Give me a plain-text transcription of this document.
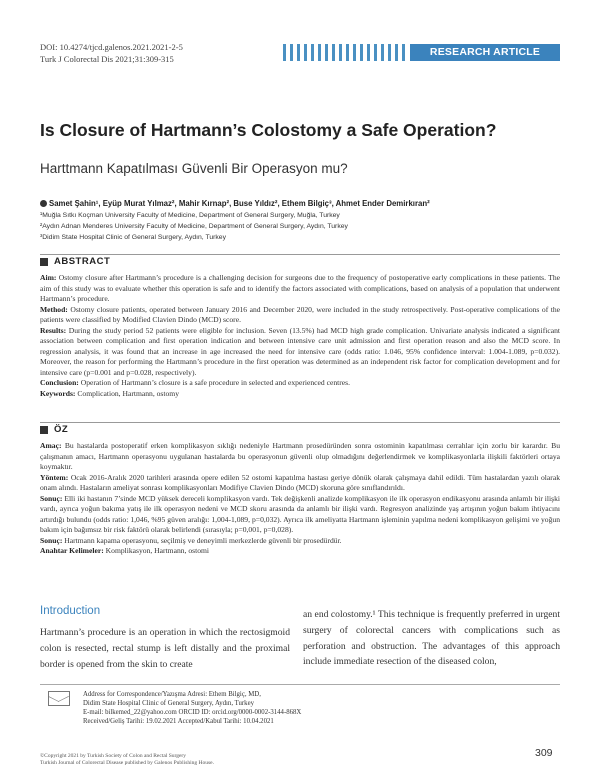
DOI: 10.4274/tjcd.galenos.2021.2021-2-5
Turk J Colorectal Dis 2021;31:309-315
RESEARCH ARTICLE
Is Closure of Hartmann’s Colostomy a Safe Operation?
Harttmann Kapatılması Güvenli Bir Operasyon mu?
Samet Şahin¹, Eyüp Murat Yılmaz², Mahir Kırnap², Buse Yıldız², Ethem Bilgiç³, Ahmet Ender Demirkıran²
¹Muğla Sıtkı Koçman University Faculty of Medicine, Department of General Surgery, Muğla, Turkey
²Aydın Adnan Menderes University Faculty of Medicine, Department of General Surgery, Aydın, Turkey
³Didim State Hospital Clinic of General Surgery, Aydın, Turkey
ABSTRACT
Aim: Ostomy closure after Hartmann’s procedure is a challenging decision for surgeons due to the frequency of postoperative early complications in these patients. The aim of this study was to evaluate whether this operation is safe and to identify the factors associated with complications, based on analysis of a population that underwent Hartmann’s procedure.
Method: Ostomy closure patients, operated between January 2016 and December 2020, were included in the study retrospectively. Post-operative complications of the patients were classified by Modified Clavien Dindo (MCD) score.
Results: During the study period 52 patients were eligible for inclusion. Seven (13.5%) had MCD high grade complication. Univariate analysis indicated a significant association between complication and first operation indication and between intensive care unit admission and first operation reason and also the MCD score. In regression analysis, it was found that an increase in age increased the need for intensive care (odds ratio: 1.046, 95% confidence interval: 1.004-1.089, p=0.032). Moreover, the reason for performing the Hartmann’s procedure in the first operation was determined as an independent risk factor for complication development and for intensive care (p=0.001 and p=0.028, respectively).
Conclusion: Operation of Hartmann’s closure is a safe procedure in selected and experienced centres.
Keywords: Complication, Hartmann, ostomy
ÖZ
Amaç: Bu hastalarda postoperatif erken komplikasyon sıklığı nedeniyle Hartmann prosedüründen sonra ostominin kapatılması cerrahlar için zorlu bir karardır. Bu çalışmanın amacı, Hartmann operasyonu uygulanan hastalarda bu operasyonun güvenli olup olmadığını değerlendirmek ve komplikasyonlarla ilişkili faktörleri ortaya koymaktır.
Yöntem: Ocak 2016-Aralık 2020 tarihleri arasında opere edilen 52 ostomi kapatılma hastası geriye dönük olarak çalışmaya dahil edildi. Tüm hastalardan yazılı olarak onam alındı. Hastaların ameliyat sonrası komplikasyonları Modifiye Clavien Dindo (MCD) skoruna göre sınıflandırıldı.
Sonuç: Elli iki hastanın 7’sinde MCD yüksek dereceli komplikasyon vardı. Tek değişkenli analizde komplikasyon ile ilk operasyon endikasyonu arasında anlamlı bir ilişki vardı, ayrıca yoğun bakıma yatış ile ilk operasyon nedeni ve MCD skoru arasında da anlamlı bir ilişki vardı. Regresyon analizinde yaş artışının yoğun bakım ihtiyacını artırdığı bulundu (odds ratio: 1,046, %95 güven aralığı: 1,004-1,089, p=0,032). Ayrıca ilk ameliyatta Hartmann işleminin yapılma nedeni komplikasyon gelişimi ve yoğun bakım için bağımsız bir risk faktörü olarak belirlendi (sırasıyla; p=0,001, p=0,028).
Sonuç: Hartmann kapama operasyonu, seçilmiş ve deneyimli merkezlerde güvenli bir prosedürdür.
Anahtar Kelimeler: Komplikasyon, Hartmann, ostomi
Introduction
Hartmann’s procedure is an operation in which the rectosigmoid colon is resected, rectal stump is left distally and the proximal border is opened from the skin to create
an end colostomy.¹ This technique is frequently preferred in urgent surgery of colorectal cancers with complications such as perforation and obstruction. The advantages of this approach include immediate resection of the diseased colon,
Address for Correspondence/Yazışma Adresi: Ethem Bilgiç, MD,
Didim State Hospital Clinic of General Surgery, Aydın, Turkey
E-mail: bilkemed_22@yahoo.com ORCID ID: orcid.org/0000-0002-3144-868X
Received/Geliş Tarihi: 19.02.2021 Accepted/Kabul Tarihi: 10.04.2021
©Copyright 2021 by Turkish Society of Colon and Rectal Surgery
Turkish Journal of Colorectal Disease published by Galenos Publishing House.
309
